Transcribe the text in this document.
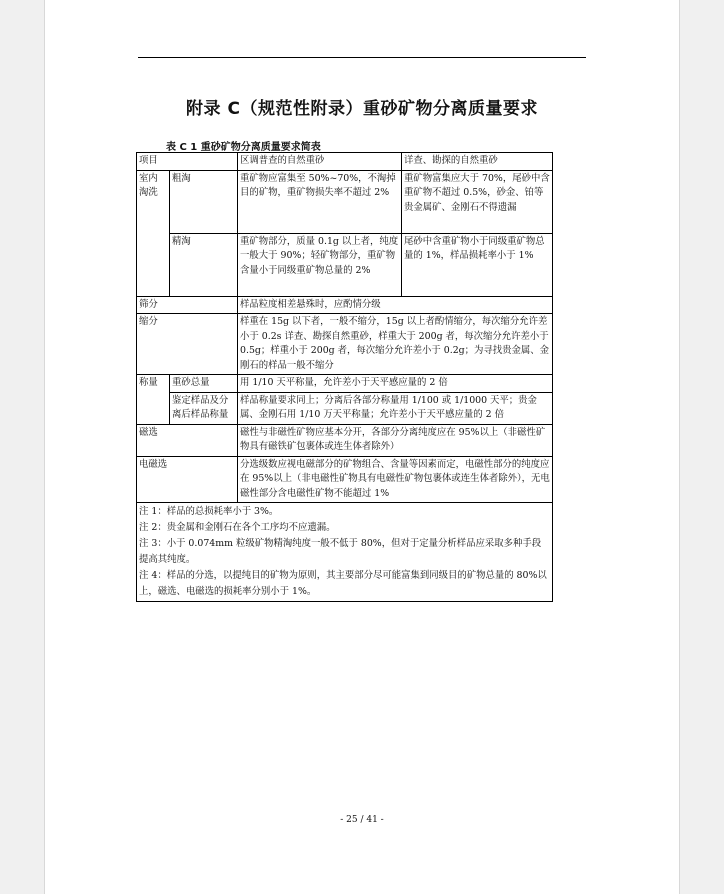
附录 C（规范性附录）重砂矿物分离质量要求
表 C 1 重砂矿物分离质量要求简表
项目		区调普查的自然重砂	详查、勘探的自然重砂
室内淘洗	粗淘	重矿物应富集至 50%~70%，不淘掉目的矿物，重矿物损失率不超过 2%	重矿物富集应大于 70%，尾砂中含重矿物不超过 0.5%，砂金、铂等贵金属矿、金刚石不得遗漏
	精淘	重矿物部分，质量 0.1g 以上者，纯度一般大于 90%；轻矿物部分，重矿物含量小于同级重矿物总量的 2%	尾砂中含重矿物小于同级重矿物总量的 1%，样品损耗率小于 1%
筛分		样品粒度相差悬殊时，应酌情分级	
缩分		样重在 15g 以下者，一般不缩分，15g 以上者酌情缩分，每次缩分允许差小于 0.2s 详查、勘探自然重砂，样重大于 200g 者，每次缩分允许差小于 0.5g；样重小于 200g 者，每次缩分允许差小于 0.2g；为寻找贵金属、金刚石的样品一般不缩分	
称量	重砂总量	用 1/10 天平称量，允许差小于天平感应量的 2 倍	
	鉴定样品及分离后样品称量	样品称量要求同上；分离后各部分称量用 1/100 或 1/1000 天平；贵金属、金刚石用 1/10 万天平称量；允许差小于天平感应量的 2 倍	
磁选		磁性与非磁性矿物应基本分开，各部分分离纯度应在 95%以上（非磁性矿物具有磁铁矿包裹体或连生体者除外）	
电磁选		分选级数应视电磁部分的矿物组合、含量等因素而定，电磁性部分的纯度应在 95%以上（非电磁性矿物具有电磁性矿物包裹体或连生体者除外），无电磁性部分含电磁性矿物不能超过 1%	

注 1：样品的总损耗率小于 3%。
注 2：贵金属和金刚石在各个工序均不应遗漏。
注 3：小于 0.074mm 粒级矿物精淘纯度一般不低于 80%，但对于定量分析样品应采取多种手段提高其纯度。
注 4：样品的分选，以提纯目的矿物为原则，其主要部分尽可能富集到同级目的矿物总量的 80%以上，磁选、电磁选的损耗率分别小于 1%。			
- 25 / 41 -
